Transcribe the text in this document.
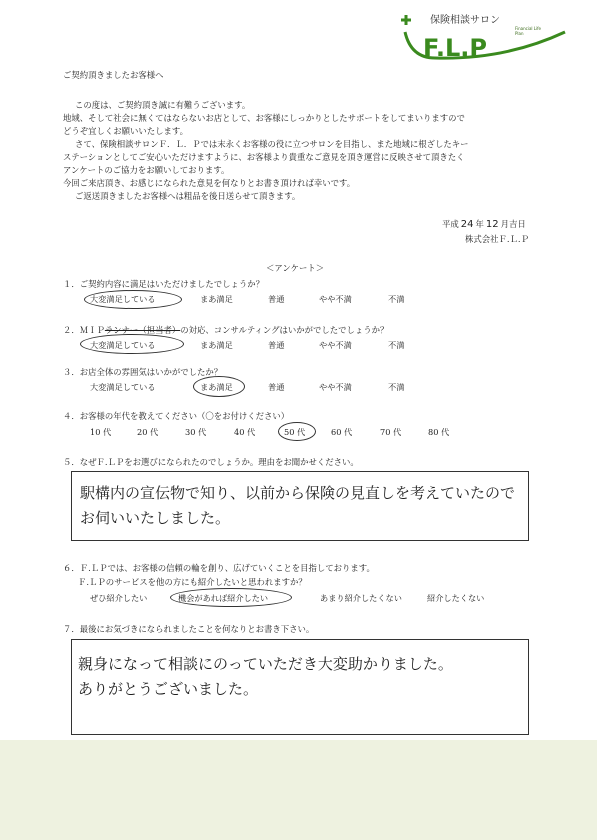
F.L.P
保険相談サロン
Financial Life Plan
ご契約頂きましたお客様へ
この度は、ご契約頂き誠に有難うございます。
地域、そして社会に無くてはならないお店として、お客様にしっかりとしたサポートをしてまいりますので
どうぞ宜しくお願いいたします。
さて、保険相談サロンＦ．Ｌ．Ｐでは末永くお客様の役に立つサロンを目指し、また地域に根ざしたキー
ステーションとしてご安心いただけますように、お客様より貴重なご意見を頂き運営に反映させて頂きたく
アンケートのご協力をお願いしております。
今回ご来店頂き、お感じになられた意見を何なりとお書き頂ければ幸いです。
ご返送頂きましたお客様へは粗品を後日送らせて頂きます。
平成 24 年 12 月吉日
株式会社Ｆ.Ｌ.Ｐ
＜アンケート＞
１．ご契約内容に満足はいただけましたでしょうか？
大変満足している	まあ満足	普通	やや不満	不満
２．ＭＩＰランナー（担当者）の対応、コンサルティングはいかがでしたでしょうか？
大変満足している	まあ満足	普通	やや不満	不満
３．お店全体の雰囲気はいかがでしたか？
大変満足している	まあ満足	普通	やや不満	不満
４．お客様の年代を教えてください（〇をお付けください）
10 代	20 代	30 代	40 代	50 代	60 代	70 代	80 代
５．なぜＦ.ＬＰをお選びになられたのでしょうか。理由をお聞かせください。
駅構内の宣伝物で知り、以前から保険の見直しを考えていたので
お伺いいたしました。
６．Ｆ.ＬＰでは、お客様の信頼の輪を創り、広げていくことを目指しております。
Ｆ.ＬＰのサービスを他の方にも紹介したいと思われますか？
ぜひ紹介したい	機会があれば紹介したい	あまり紹介したくない	紹介したくない
７．最後にお気づきになられましたことを何なりとお書き下さい。
親身になって相談にのっていただき大変助かりました。
ありがとうございました。
